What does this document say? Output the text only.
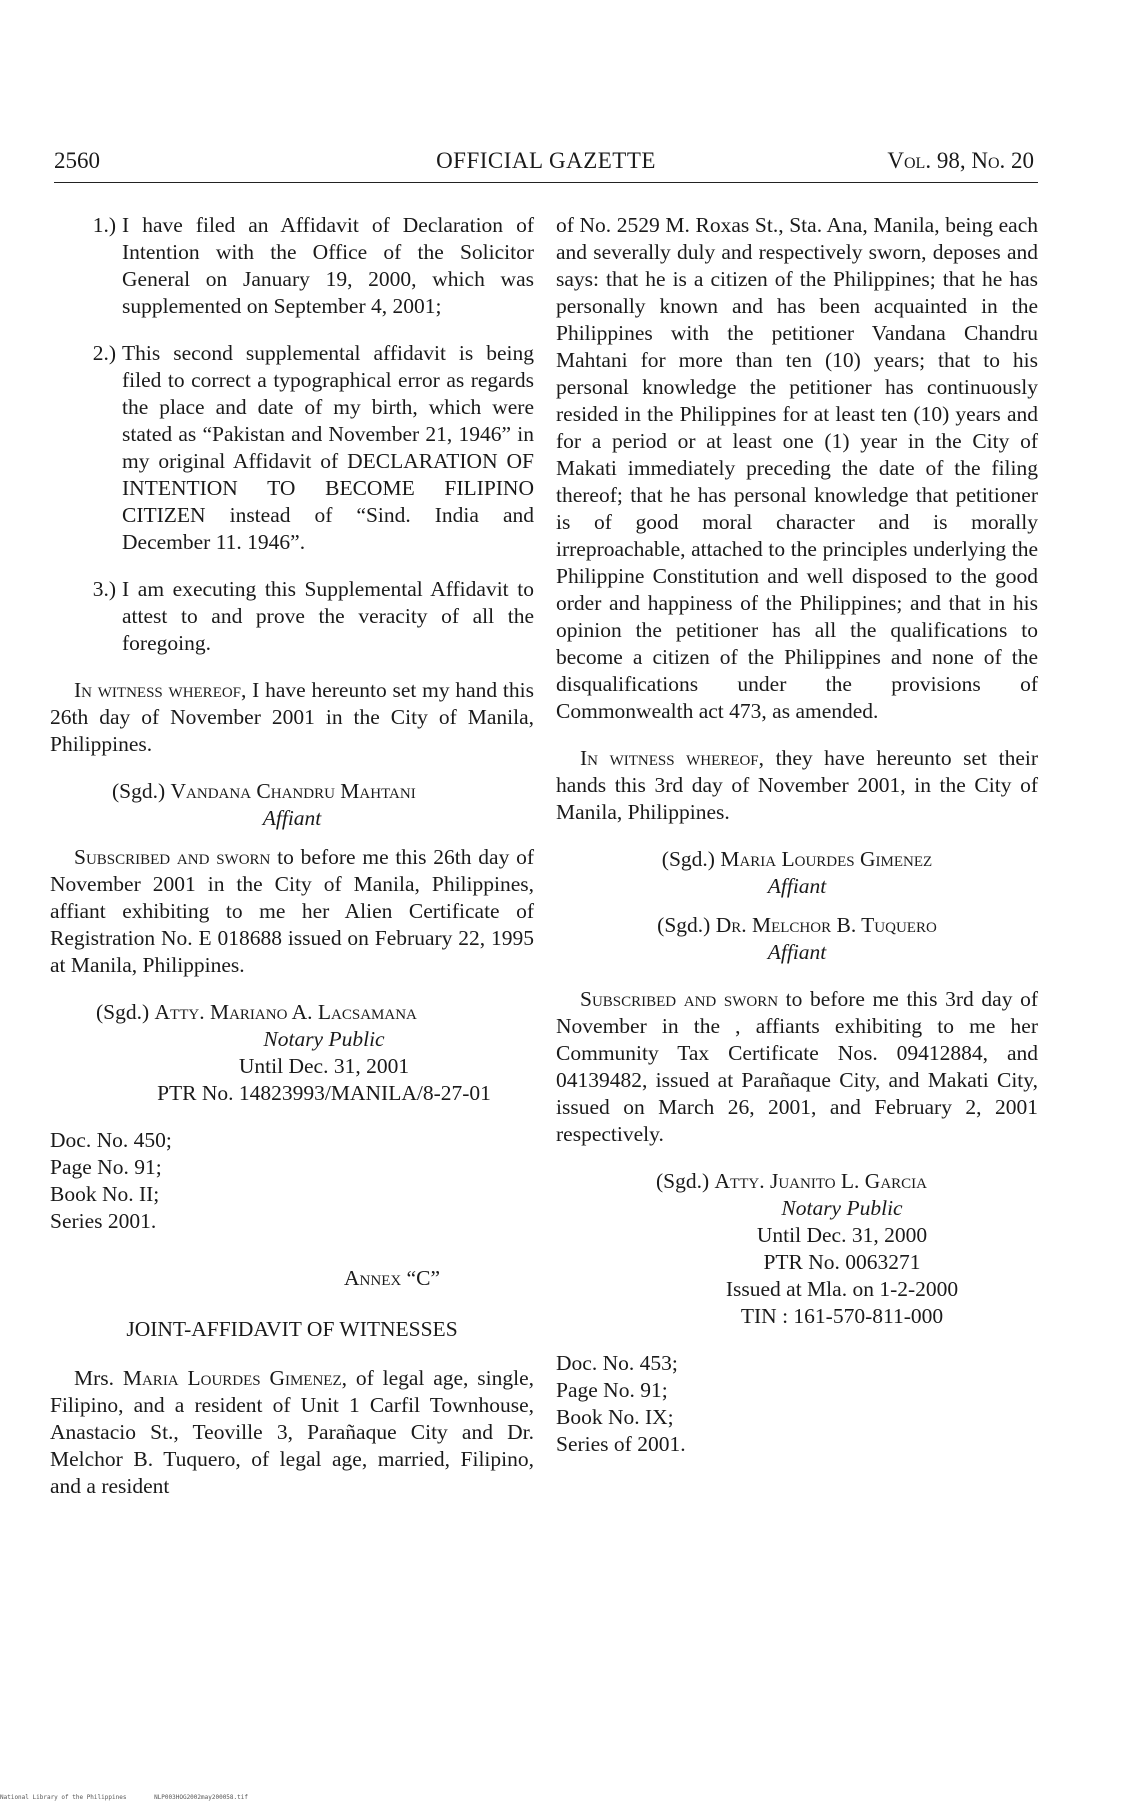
2560	OFFICIAL GAZETTE	Vol. 98, No. 20
1.) I have filed an Affidavit of Declaration of Intention with the Office of the Solicitor General on January 19, 2000, which was supplemented on September 4, 2001;
2.) This second supplemental affidavit is being filed to correct a typographical error as regards the place and date of my birth, which were stated as “Pakistan and November 21, 1946” in my original Affidavit of DECLARATION OF INTENTION TO BECOME FILIPINO CITIZEN instead of “Sind. India and December 11. 1946”.
3.) I am executing this Supplemental Affidavit to attest to and prove the veracity of all the foregoing.

In witness whereof, I have hereunto set my hand this 26th day of November 2001 in the City of Manila, Philippines.

(Sgd.) Vandana Chandru Mahtani
Affiant

Subscribed and sworn to before me this 26th day of November 2001 in the City of Manila, Philippines, affiant exhibiting to me her Alien Certificate of Registration No. E 018688 issued on February 22, 1995 at Manila, Philippines.

(Sgd.) Atty. Mariano A. Lacsamana
Notary Public
Until Dec. 31, 2001
PTR No. 14823993/MANILA/8-27-01
Doc. No. 450;
Page No. 91;
Book No. II;
Series 2001.
Annex “C”
JOINT-AFFIDAVIT OF WITNESSES

Mrs. Maria Lourdes Gimenez, of legal age, single, Filipino, and a resident of Unit 1 Carfil Townhouse, Anastacio St., Teoville 3, Parañaque City and Dr. Melchor B. Tuquero, of legal age, married, Filipino, and a resident

of No. 2529 M. Roxas St., Sta. Ana, Manila, being each and severally duly and respectively sworn, deposes and says: that he is a citizen of the Philippines; that he has personally known and has been acquainted in the Philippines with the petitioner Vandana Chandru Mahtani for more than ten (10) years; that to his personal knowledge the petitioner has continuously resided in the Philippines for at least ten (10) years and for a period or at least one (1) year in the City of Makati immediately preceding the date of the filing thereof; that he has personal knowledge that petitioner is of good moral character and is morally irreproachable, attached to the principles underlying the Philippine Constitution and well disposed to the good order and happiness of the Philippines; and that in his opinion the petitioner has all the qualifications to become a citizen of the Philippines and none of the disqualifications under the provisions of Commonwealth act 473, as amended.

In witness whereof, they have hereunto set their hands this 3rd day of November 2001, in the City of Manila, Philippines.

(Sgd.) Maria Lourdes Gimenez
Affiant
(Sgd.) Dr. Melchor B. Tuquero
Affiant

Subscribed and sworn to before me this 3rd day of November in the , affiants exhibiting to me her Community Tax Certificate Nos. 09412884, and 04139482, issued at Parañaque City, and Makati City, issued on March 26, 2001, and February 2, 2001 respectively.

(Sgd.) Atty. Juanito L. Garcia
Notary Public
Until Dec. 31, 2000
PTR No. 0063271
Issued at Mla. on 1-2-2000
TIN : 161-570-811-000
Doc. No. 453;
Page No. 91;
Book No. IX;
Series of 2001.
National Library of the Philippines	NLP003HOG2002may200058.tif
